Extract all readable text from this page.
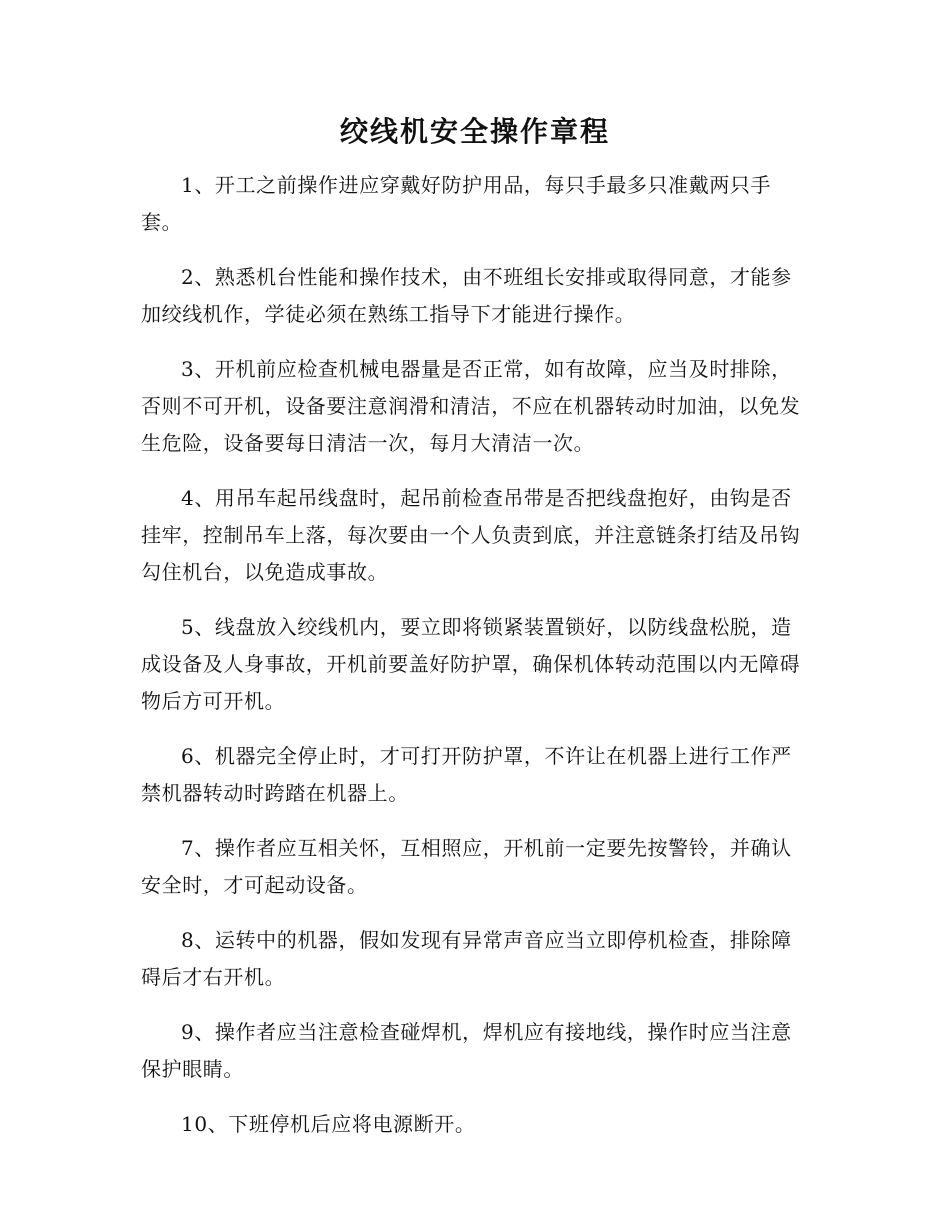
绞线机安全操作章程

1、开工之前操作进应穿戴好防护用品，每只手最多只准戴两只手套。

2、熟悉机台性能和操作技术，由不班组长安排或取得同意，才能参加绞线机作，学徒必须在熟练工指导下才能进行操作。

3、开机前应检查机械电器量是否正常，如有故障，应当及时排除，否则不可开机，设备要注意润滑和清洁，不应在机器转动时加油，以免发生危险，设备要每日清洁一次，每月大清洁一次。

4、用吊车起吊线盘时，起吊前检查吊带是否把线盘抱好，由钩是否挂牢，控制吊车上落，每次要由一个人负责到底，并注意链条打结及吊钩勾住机台，以免造成事故。

5、线盘放入绞线机内，要立即将锁紧装置锁好，以防线盘松脱，造成设备及人身事故，开机前要盖好防护罩，确保机体转动范围以内无障碍物后方可开机。

6、机器完全停止时，才可打开防护罩，不许让在机器上进行工作严禁机器转动时跨踏在机器上。

7、操作者应互相关怀，互相照应，开机前一定要先按警铃，并确认安全时，才可起动设备。

8、运转中的机器，假如发现有异常声音应当立即停机检查，排除障碍后才右开机。

9、操作者应当注意检查碰焊机，焊机应有接地线，操作时应当注意保护眼睛。

10、下班停机后应将电源断开。
